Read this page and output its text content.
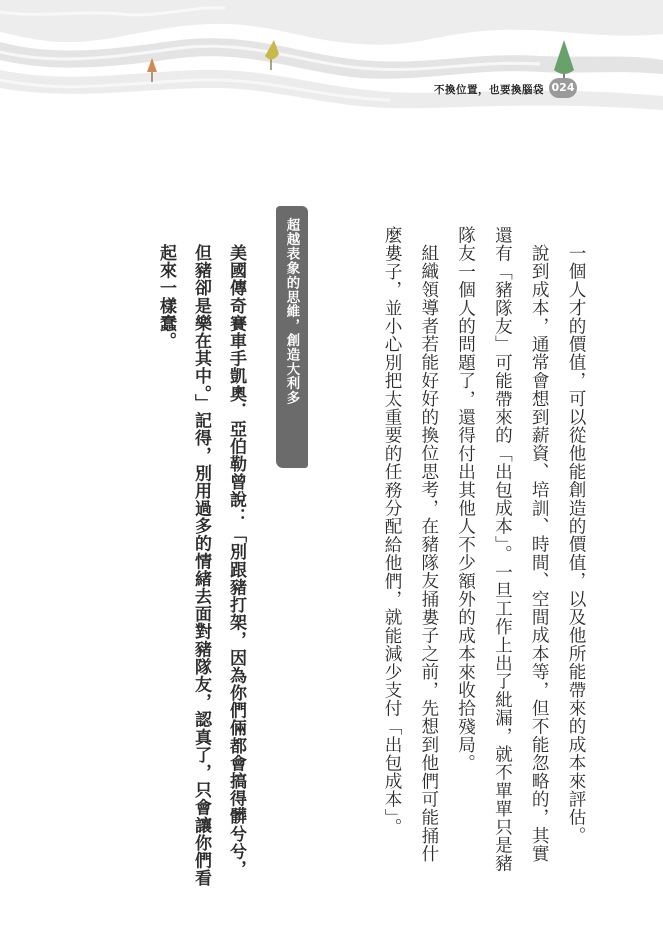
不換位置，也要換腦袋 024

一個人才的價值，可以從他能創造的價值，以及他所能帶來的成本來評估。

說到成本，通常會想到薪資、培訓、時間、空間成本等，但不能忽略的，其實還有「豬隊友」可能帶來的「出包成本」。一旦工作上出了紕漏，就不單單只是豬隊友一個人的問題了，還得付出其他人不少額外的成本來收拾殘局。

組織領導者若能好好的換位思考，在豬隊友捅婁子之前，先想到他們可能捅什麼婁子，並小心別把太重要的任務分配給他們，就能減少支付「出包成本」。

超越表象的思維，創造大利多

美國傳奇賽車手凱奧．亞伯勒曾說：「別跟豬打架，因為你們倆都會搞得髒兮兮，但豬卻是樂在其中。」記得，別用過多的情緒去面對豬隊友，認真了，只會讓你們看起來一樣蠢。
